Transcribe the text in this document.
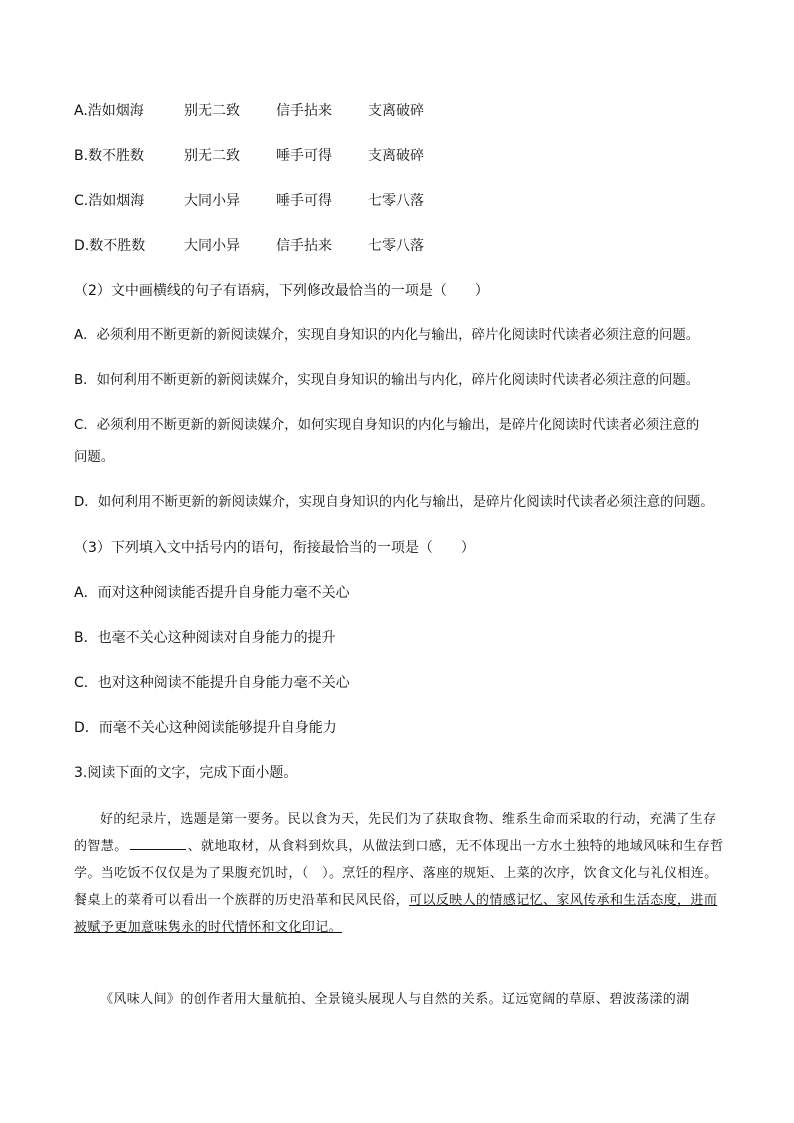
A.浩如烟海	别无二致	信手拈来	支离破碎
B.数不胜数	别无二致	唾手可得	支离破碎
C.浩如烟海	大同小异	唾手可得	七零八落
D.数不胜数	大同小异	信手拈来	七零八落
（2）文中画横线的句子有语病，下列修改最恰当的一项是（　　）
A．必须利用不断更新的新阅读媒介，实现自身知识的内化与输出，碎片化阅读时代读者必须注意的问题。
B．如何利用不断更新的新阅读媒介，实现自身知识的输出与内化，碎片化阅读时代读者必须注意的问题。
C．必须利用不断更新的新阅读媒介，如何实现自身知识的内化与输出，是碎片化阅读时代读者必须注意的
问题。
D．如何利用不断更新的新阅读媒介，实现自身知识的内化与输出，是碎片化阅读时代读者必须注意的问题。
（3）下列填入文中括号内的语句，衔接最恰当的一项是（　　）
A．而对这种阅读能否提升自身能力毫不关心
B．也毫不关心这种阅读对自身能力的提升
C．也对这种阅读不能提升自身能力毫不关心
D．而毫不关心这种阅读能够提升自身能力
3.阅读下面的文字，完成下面小题。
好的纪录片，选题是第一要务。民以食为天，先民们为了获取食物、维系生命而采取的行动，充满了生存的智慧。	、就地取材，从食料到炊具，从做法到口感，无不体现出一方水土独特的地域风味和生存哲学。当吃饭不仅仅是为了果腹充饥时，（　）。烹饪的程序、落座的规矩、上菜的次序，饮食文化与礼仪相连。餐桌上的菜肴可以看出一个族群的历史沿革和民风民俗，可以反映人的情感记忆、家风传承和生活态度，进而被赋予更加意味隽永的时代情怀和文化印记。
《风味人间》的创作者用大量航拍、全景镜头展现人与自然的关系。辽远宽阔的草原、碧波荡漾的湖
